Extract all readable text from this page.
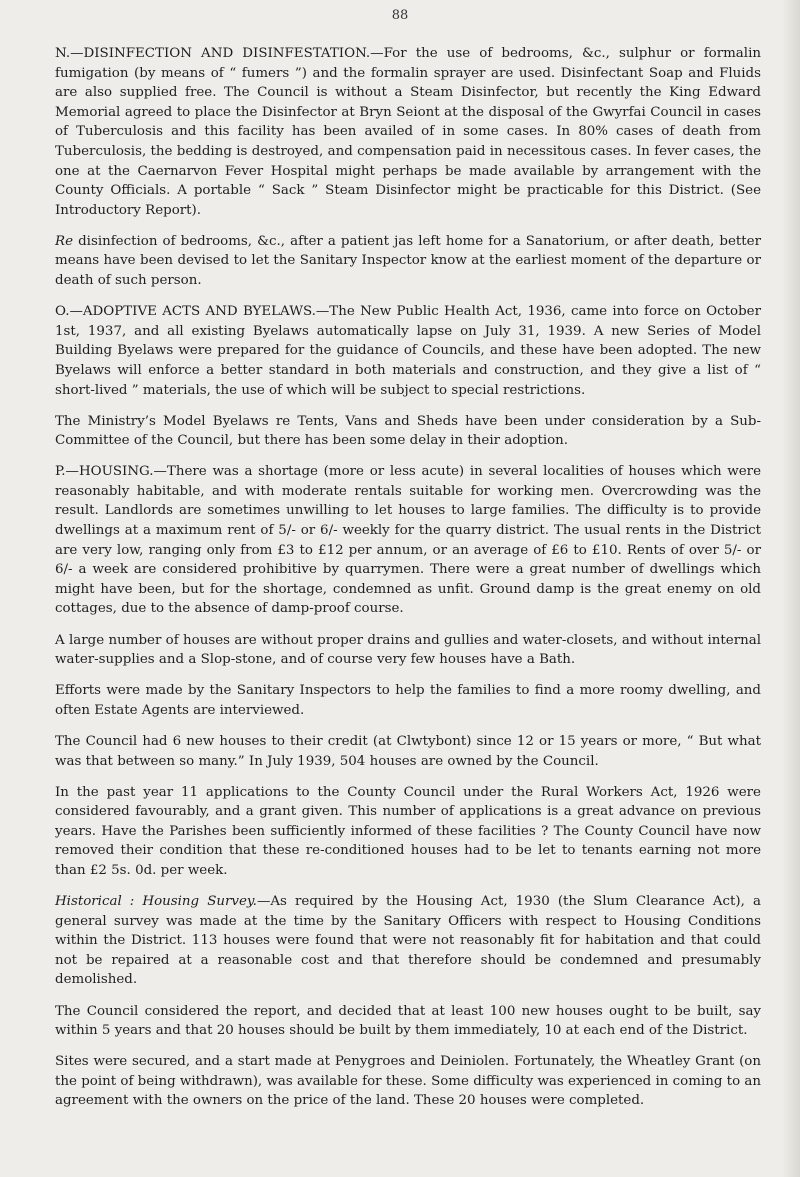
88

N.—DISINFECTION AND DISINFESTATION.—For the use of bedrooms, &c., sulphur or formalin fumigation (by means of “ fumers ”) and the formalin sprayer are used. Disinfectant Soap and Fluids are also supplied free. The Council is without a Steam Disinfector, but recently the King Edward Memorial agreed to place the Disinfector at Bryn Seiont at the disposal of the Gwyrfai Council in cases of Tuberculosis and this facility has been availed of in some cases. In 80% cases of death from Tuberculosis, the bedding is destroyed, and compensation paid in necessitous cases. In fever cases, the one at the Caernarvon Fever Hospital might perhaps be made available by arrangement with the County Officials. A portable “ Sack ” Steam Disinfector might be practicable for this District. (See Introductory Report).

Re disinfection of bedrooms, &c., after a patient jas left home for a Sanatorium, or after death, better means have been devised to let the Sanitary Inspector know at the earliest moment of the departure or death of such person.

O.—ADOPTIVE ACTS AND BYELAWS.—The New Public Health Act, 1936, came into force on October 1st, 1937, and all existing Byelaws automatically lapse on July 31, 1939. A new Series of Model Building Byelaws were prepared for the guidance of Councils, and these have been adopted. The new Byelaws will enforce a better standard in both materials and construction, and they give a list of “ short-lived ” materials, the use of which will be subject to special restrictions.

The Ministry’s Model Byelaws re Tents, Vans and Sheds have been under consideration by a Sub-Committee of the Council, but there has been some delay in their adoption.

P.—HOUSING.—There was a shortage (more or less acute) in several localities of houses which were reasonably habitable, and with moderate rentals suitable for working men. Overcrowding was the result. Landlords are sometimes unwilling to let houses to large families. The difficulty is to provide dwellings at a maximum rent of 5/- or 6/- weekly for the quarry district. The usual rents in the District are very low, ranging only from £3 to £12 per annum, or an average of £6 to £10. Rents of over 5/- or 6/- a week are considered prohibitive by quarrymen. There were a great number of dwellings which might have been, but for the shortage, condemned as unfit. Ground damp is the great enemy on old cottages, due to the absence of damp-proof course.

A large number of houses are without proper drains and gullies and water-closets, and without internal water-supplies and a Slop-stone, and of course very few houses have a Bath.

Efforts were made by the Sanitary Inspectors to help the families to find a more roomy dwelling, and often Estate Agents are interviewed.

The Council had 6 new houses to their credit (at Clwtybont) since 12 or 15 years or more, “ But what was that between so many.” In July 1939, 504 houses are owned by the Council.

In the past year 11 applications to the County Council under the Rural Workers Act, 1926 were considered favourably, and a grant given. This number of applications is a great advance on previous years. Have the Parishes been sufficiently informed of these facilities ? The County Council have now removed their condition that these re-conditioned houses had to be let to tenants earning not more than £2 5s. 0d. per week.

Historical : Housing Survey.—As required by the Housing Act, 1930 (the Slum Clearance Act), a general survey was made at the time by the Sanitary Officers with respect to Housing Conditions within the District. 113 houses were found that were not reasonably fit for habitation and that could not be repaired at a reasonable cost and that therefore should be condemned and presumably demolished.

The Council considered the report, and decided that at least 100 new houses ought to be built, say within 5 years and that 20 houses should be built by them immediately, 10 at each end of the District.

Sites were secured, and a start made at Penygroes and Deiniolen. Fortunately, the Wheatley Grant (on the point of being withdrawn), was available for these. Some difficulty was experienced in coming to an agreement with the owners on the price of the land. These 20 houses were completed.
